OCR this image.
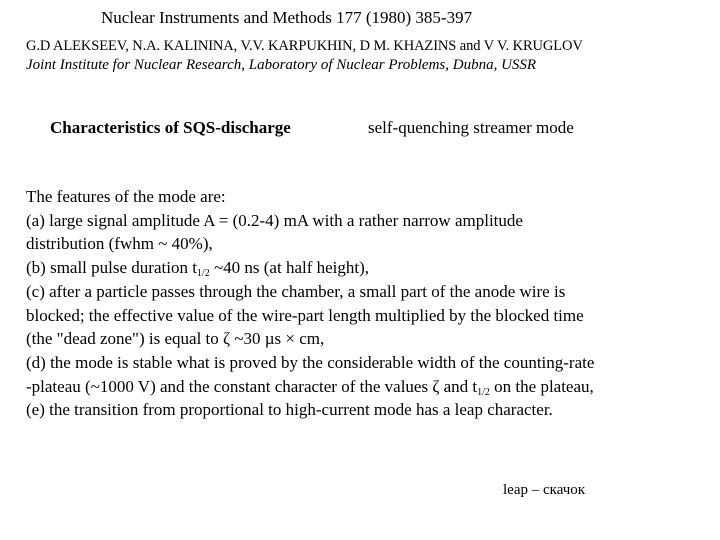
Nuclear Instruments and Methods 177 (1980) 385-397
G.D ALEKSEEV, N.A. KALININA, V.V. KARPUKHIN, D M. KHAZINS and V V. KRUGLOV
Joint Institute for Nuclear Research, Laboratory of Nuclear Problems, Dubna, USSR
Characteristics of SQS-discharge	self-quenching streamer mode
The features of the mode are:
(a) large signal amplitude A = (0.2-4) mA with a rather narrow amplitude
distribution (fwhm ~ 40%),
(b) small pulse duration $t_{1/2}$ ~40 ns (at half height),
(c) after a particle passes through the chamber, a small part of the anode wire is
blocked; the effective value of the wire-part length multiplied by the blocked time
(the "dead zone") is equal to ζ ~30 µs × cm,
(d) the mode is stable what is proved by the considerable width of the counting-rate
-plateau (~1000 V) and the constant character of the values ζ and $t_{1/2}$ on the plateau,
(e) the transition from proportional to high-current mode has a leap character.
leap – скачок
